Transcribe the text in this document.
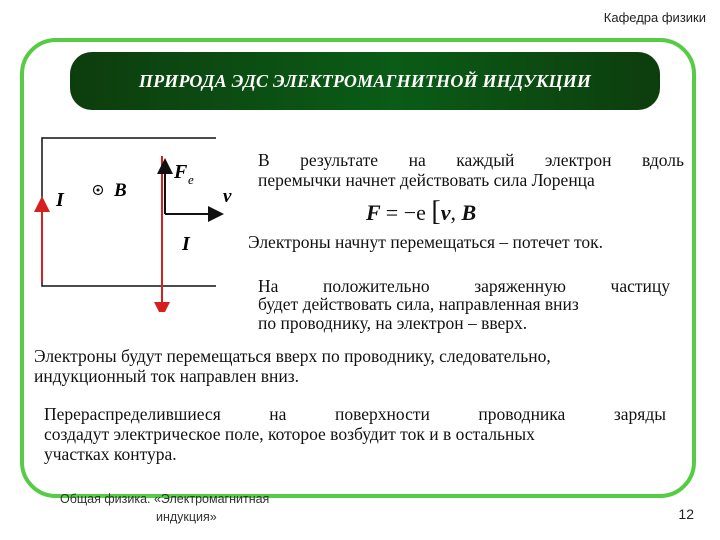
Кафедра физики
ПРИРОДА ЭДС ЭЛЕКТРОМАГНИТНОЙ ИНДУКЦИИ
B
I
I
F e
v
В результате на каждый электрон вдоль
перемычки начнет действовать сила Лоренца
F = −e [v, B
Электроны начнут перемещаться – потечет ток.
На положительно заряженную частицу
будет действовать сила, направленная вниз
по проводнику, на электрон – вверх.
Электроны будут перемещаться вверх по проводнику, следовательно,
индукционный ток направлен вниз.
Перераспределившиеся на поверхности проводника заряды
создадут электрическое поле, которое возбудит ток и в остальных
участках контура.
Общая физика. «Электромагнитная
индукция»	12
